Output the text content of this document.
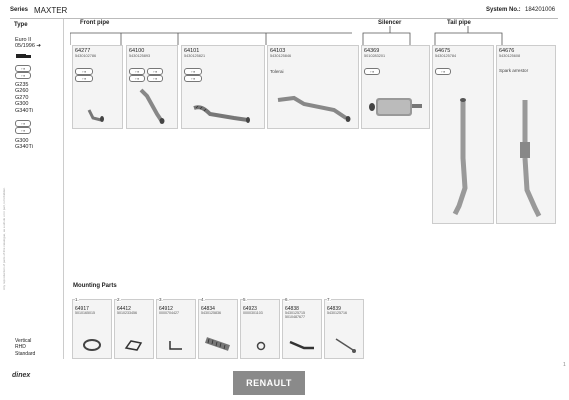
Any reproduction of parts of this catalogue, as a whole or in part, is forbidden.
Series MAXTER	System No.: 184201006
Type
Euro II
05/1996 ➔
◦ ▪
◦ ▪
G235
G260
G270
G300
G340Ti
◦ ▪
◦ ▪
G300
G340Ti
Vertical
RHD
Standard
Front pipe	Silencer	Tail pipe
64277
5430102786
◦ ▪
◦ ▪
64100
5430125893
◦ ▪	◦ ▪
◦ ▪	◦ ▪
64101
5430125821
◦ ▪
◦ ▪
64103
5430125846
Tolerai
64369
5010283201
◦ ▪
64675
5430125784
◦ ▪
64676
5430125608
Spark arrestor
Mounting Parts
1.
64917
5010165015
2.
64412
5010233456
3.
64912
0000704427
4.
64834
5430125836
5.
64923
0000301103
6.
64838
5430125715
5010487677
7.
64839
5430125716
dinex
RENAULT
1
